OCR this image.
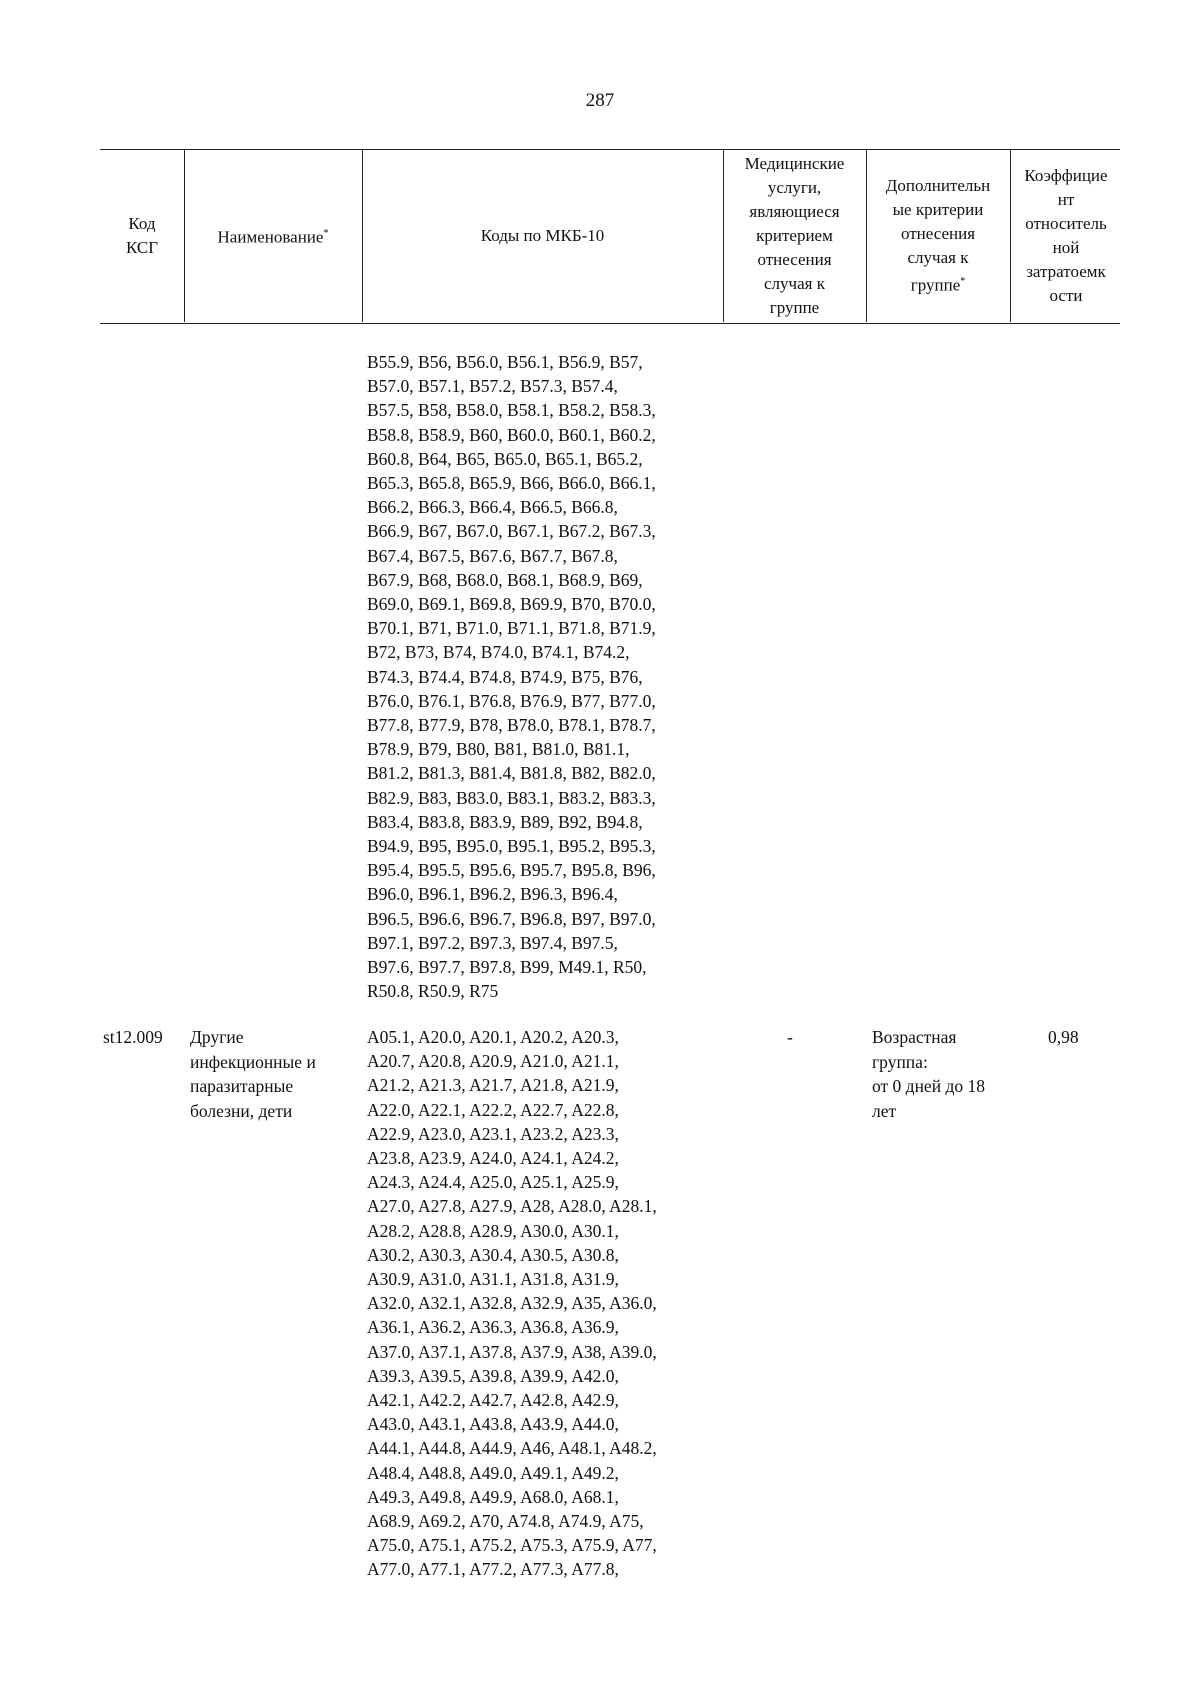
287
Код
КСГ
Наименование*	Коды по МКБ-10
Медицинские
услуги,
являющиеся
критерием
отнесения
случая к
группе
Дополнительн
ые критерии
отнесения
случая к
группе*
Коэффицие
нт
относитель
ной
затратоемк
ости
B55.9, B56, B56.0, B56.1, B56.9, B57,
B57.0, B57.1, B57.2, B57.3, B57.4,
B57.5, B58, B58.0, B58.1, B58.2, B58.3,
B58.8, B58.9, B60, B60.0, B60.1, B60.2,
B60.8, B64, B65, B65.0, B65.1, B65.2,
B65.3, B65.8, B65.9, B66, B66.0, B66.1,
B66.2, B66.3, B66.4, B66.5, B66.8,
B66.9, B67, B67.0, B67.1, B67.2, B67.3,
B67.4, B67.5, B67.6, B67.7, B67.8,
B67.9, B68, B68.0, B68.1, B68.9, B69,
B69.0, B69.1, B69.8, B69.9, B70, B70.0,
B70.1, B71, B71.0, B71.1, B71.8, B71.9,
B72, B73, B74, B74.0, B74.1, B74.2,
B74.3, B74.4, B74.8, B74.9, B75, B76,
B76.0, B76.1, B76.8, B76.9, B77, B77.0,
B77.8, B77.9, B78, B78.0, B78.1, B78.7,
B78.9, B79, B80, B81, B81.0, B81.1,
B81.2, B81.3, B81.4, B81.8, B82, B82.0,
B82.9, B83, B83.0, B83.1, B83.2, B83.3,
B83.4, B83.8, B83.9, B89, B92, B94.8,
B94.9, B95, B95.0, B95.1, B95.2, B95.3,
B95.4, B95.5, B95.6, B95.7, B95.8, B96,
B96.0, B96.1, B96.2, B96.3, B96.4,
B96.5, B96.6, B96.7, B96.8, B97, B97.0,
B97.1, B97.2, B97.3, B97.4, B97.5,
B97.6, B97.7, B97.8, B99, M49.1, R50,
R50.8, R50.9, R75
st12.009 Другие
инфекционные и
паразитарные
болезни, дети
A05.1, A20.0, A20.1, A20.2, A20.3,
A20.7, A20.8, A20.9, A21.0, A21.1,
A21.2, A21.3, A21.7, A21.8, A21.9,
A22.0, A22.1, A22.2, A22.7, A22.8,
A22.9, A23.0, A23.1, A23.2, A23.3,
A23.8, A23.9, A24.0, A24.1, A24.2,
A24.3, A24.4, A25.0, A25.1, A25.9,
A27.0, A27.8, A27.9, A28, A28.0, A28.1,
A28.2, A28.8, A28.9, A30.0, A30.1,
A30.2, A30.3, A30.4, A30.5, A30.8,
A30.9, A31.0, A31.1, A31.8, A31.9,
A32.0, A32.1, A32.8, A32.9, A35, A36.0,
A36.1, A36.2, A36.3, A36.8, A36.9,
A37.0, A37.1, A37.8, A37.9, A38, A39.0,
A39.3, A39.5, A39.8, A39.9, A42.0,
A42.1, A42.2, A42.7, A42.8, A42.9,
A43.0, A43.1, A43.8, A43.9, A44.0,
A44.1, A44.8, A44.9, A46, A48.1, A48.2,
A48.4, A48.8, A49.0, A49.1, A49.2,
A49.3, A49.8, A49.9, A68.0, A68.1,
A68.9, A69.2, A70, A74.8, A74.9, A75,
A75.0, A75.1, A75.2, A75.3, A75.9, A77,
A77.0, A77.1, A77.2, A77.3, A77.8,
-	Возрастная
группа:
от 0 дней до 18
лет
0,98
